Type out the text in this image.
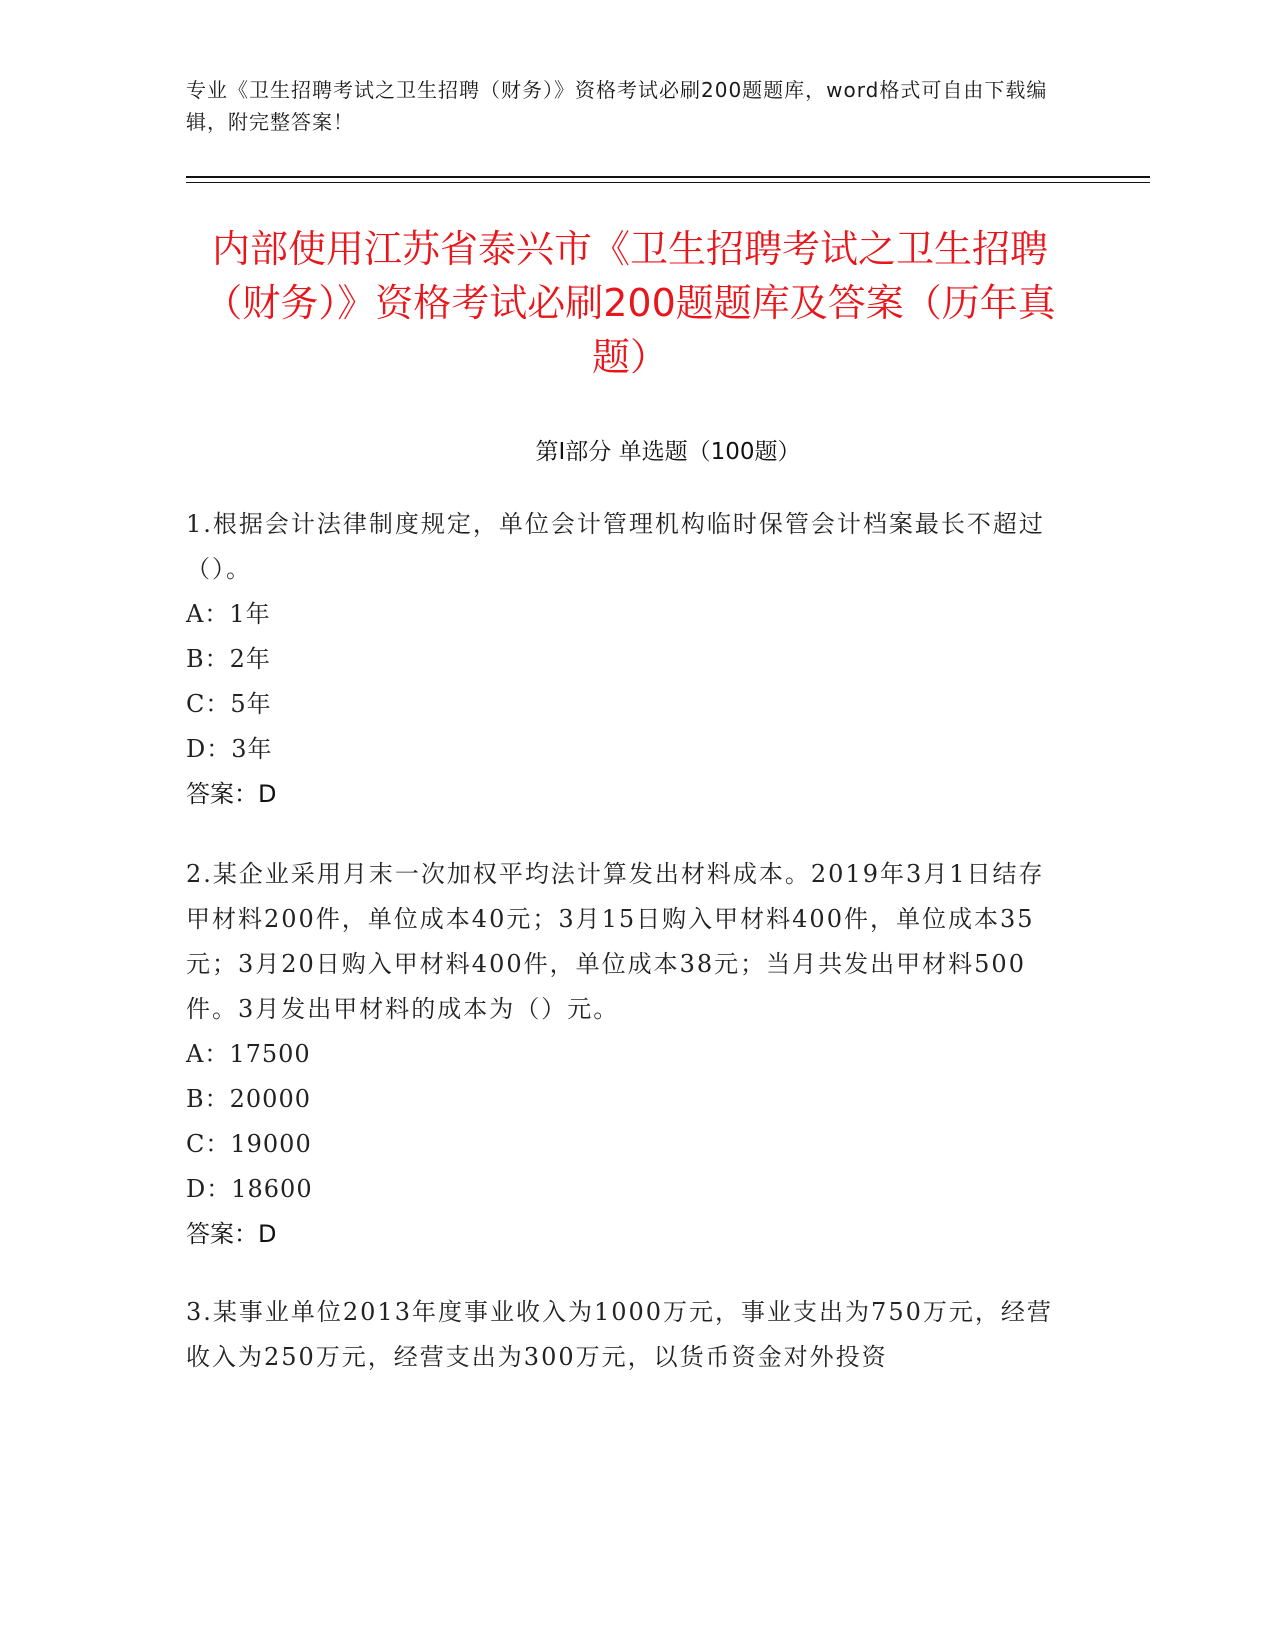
专业《卫生招聘考试之卫生招聘（财务）》资格考试必刷200题题库，word格式可自由下载编辑，附完整答案！
内部使用江苏省泰兴市《卫生招聘考试之卫生招聘（财务）》资格考试必刷200题题库及答案（历年真题）
第Ⅰ部分 单选题（100题）

1.根据会计法律制度规定，单位会计管理机构临时保管会计档案最长不超过（）。

A：1年

B：2年

C：5年

D：3年

答案：D

2.某企业采用月末一次加权平均法计算发出材料成本。2019年3月1日结存甲材料200件，单位成本40元；3月15日购入甲材料400件，单位成本35元；3月20日购入甲材料400件，单位成本38元；当月共发出甲材料500件。3月发出甲材料的成本为（）元。

A：17500

B：20000

C：19000

D：18600

答案：D

3.某事业单位2013年度事业收入为1000万元，事业支出为750万元，经营收入为250万元，经营支出为300万元，以货币资金对外投资
